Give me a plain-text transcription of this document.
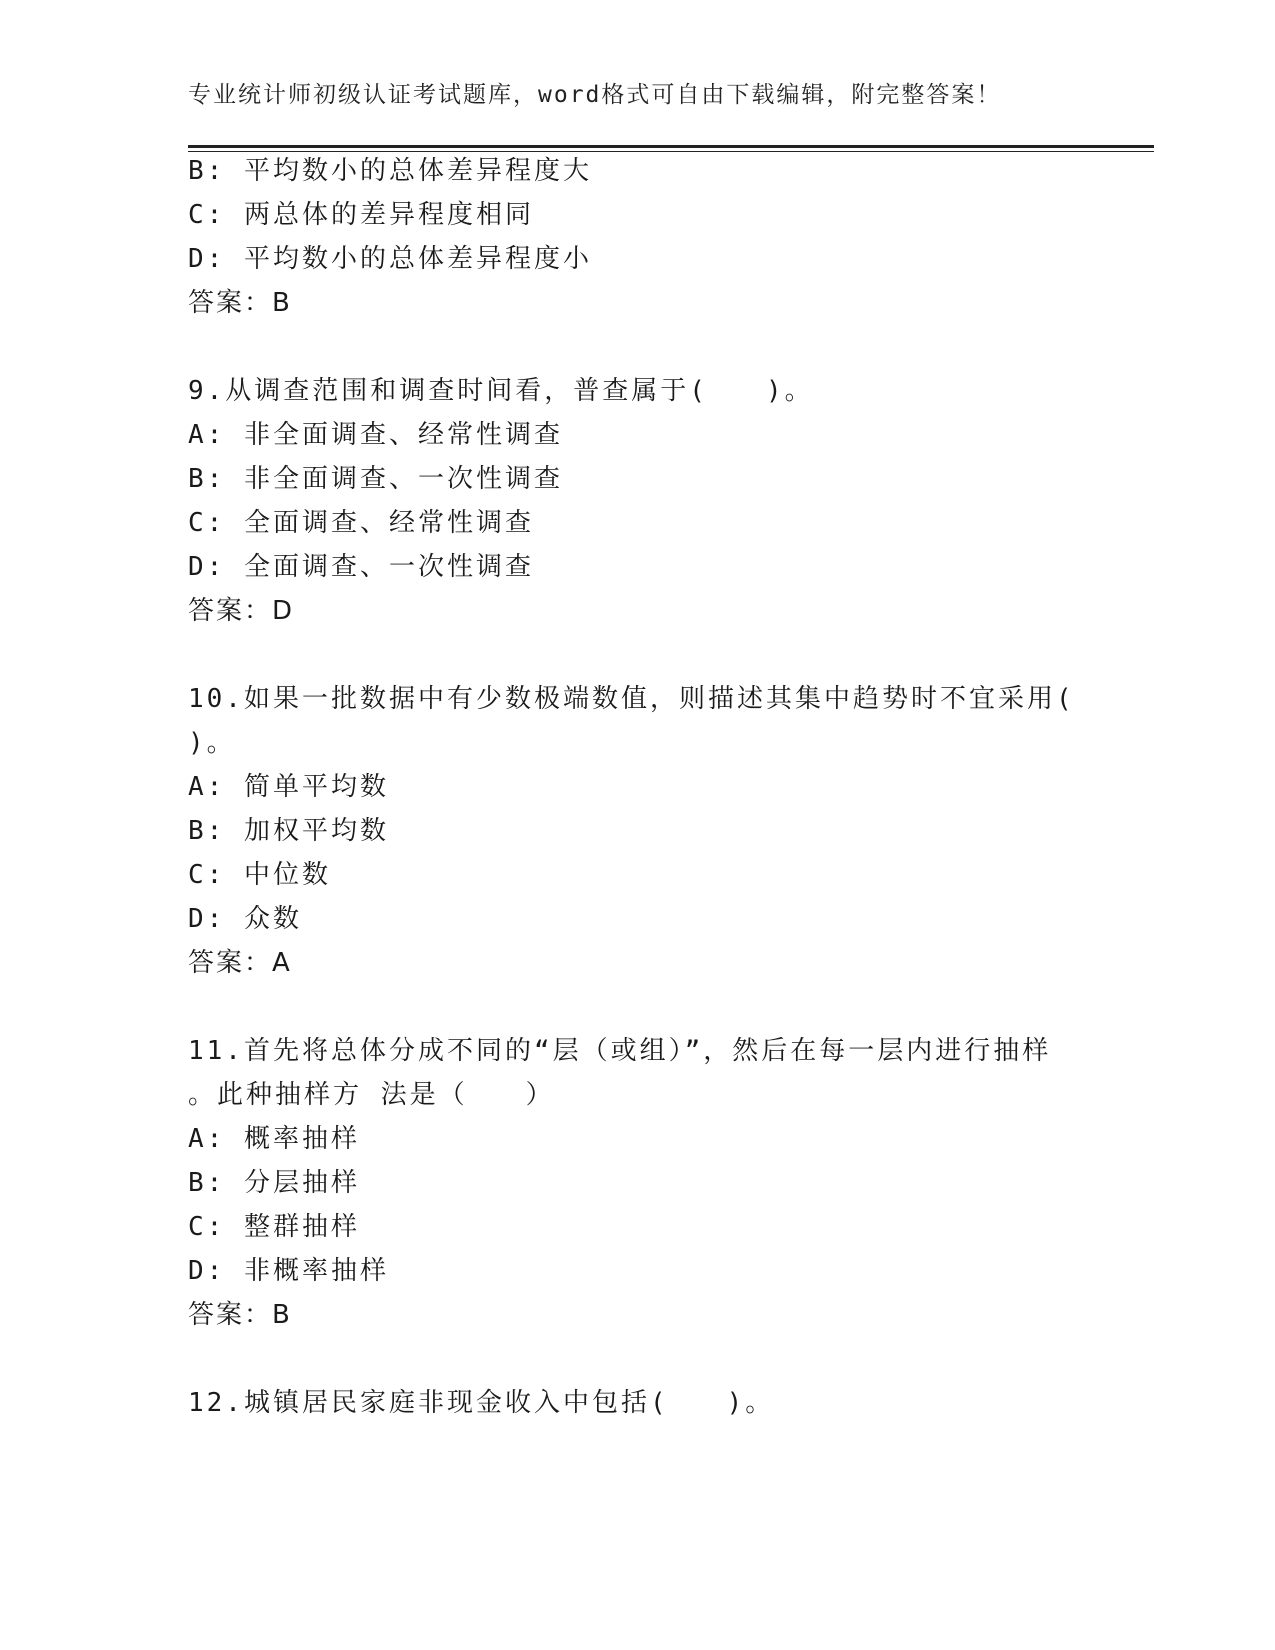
专业统计师初级认证考试题库，word格式可自由下载编辑，附完整答案！
B: 平均数小的总体差异程度大
C: 两总体的差异程度相同
D: 平均数小的总体差异程度小
答案：B
9.从调查范围和调查时间看，普查属于(　　)。
A: 非全面调查、经常性调查
B: 非全面调查、一次性调查
C: 全面调查、经常性调查
D: 全面调查、一次性调查
答案：D
10.如果一批数据中有少数极端数值，则描述其集中趋势时不宜采用(
)。
A: 简单平均数
B: 加权平均数
C: 中位数
D: 众数
答案：A
11.首先将总体分成不同的“层（或组）”，然后在每一层内进行抽样
。此种抽样方 法是（　　）
A: 概率抽样
B: 分层抽样
C: 整群抽样
D: 非概率抽样
答案：B
12.城镇居民家庭非现金收入中包括(　　)。
